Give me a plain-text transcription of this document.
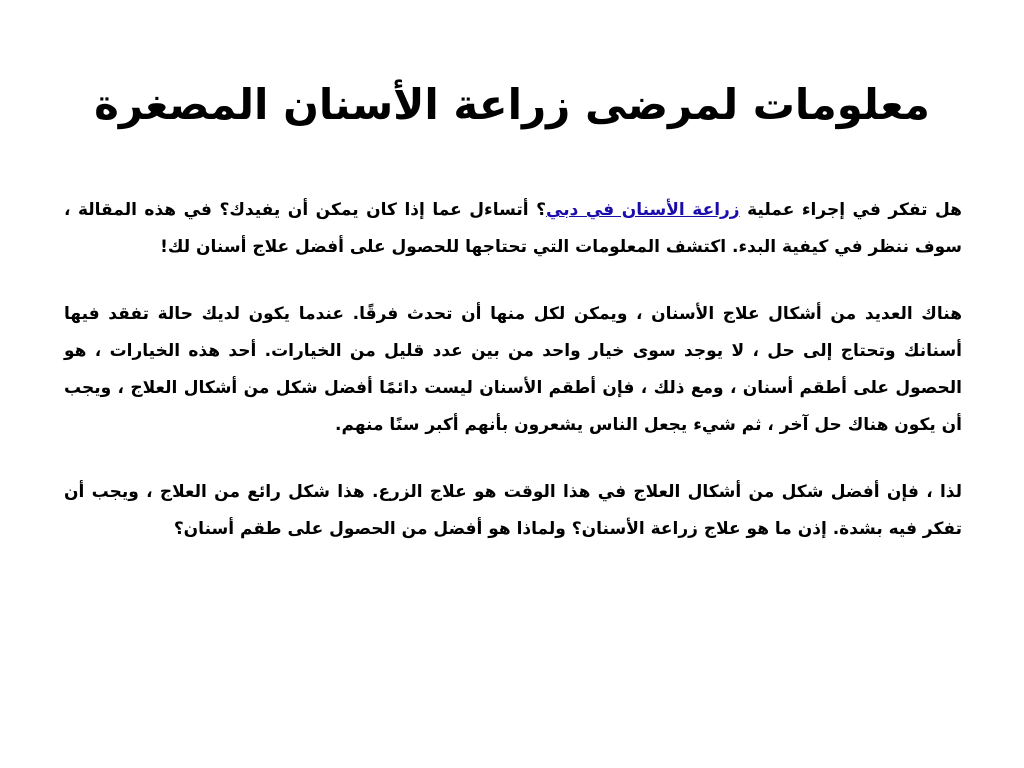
معلومات لمرضى زراعة الأسنان المصغرة

هل تفكر في إجراء عملية زراعة الأسنان في دبي؟ أتساءل عما إذا كان يمكن أن يفيدك؟ في هذه المقالة ، سوف ننظر في كيفية البدء. اكتشف المعلومات التي تحتاجها للحصول على أفضل علاج أسنان لك!

هناك العديد من أشكال علاج الأسنان ، ويمكن لكل منها أن تحدث فرقًا. عندما يكون لديك حالة تفقد فيها أسنانك وتحتاج إلى حل ، لا يوجد سوى خيار واحد من بين عدد قليل من الخيارات. أحد هذه الخيارات ، هو الحصول على أطقم أسنان ، ومع ذلك ، فإن أطقم الأسنان ليست دائمًا أفضل شكل من أشكال العلاج ، ويجب أن يكون هناك حل آخر ، ثم شيء يجعل الناس يشعرون بأنهم أكبر سنًا منهم.

لذا ، فإن أفضل شكل من أشكال العلاج في هذا الوقت هو علاج الزرع. هذا شكل رائع من العلاج ، ويجب أن تفكر فيه بشدة. إذن ما هو علاج زراعة الأسنان؟ ولماذا هو أفضل من الحصول على طقم أسنان؟
